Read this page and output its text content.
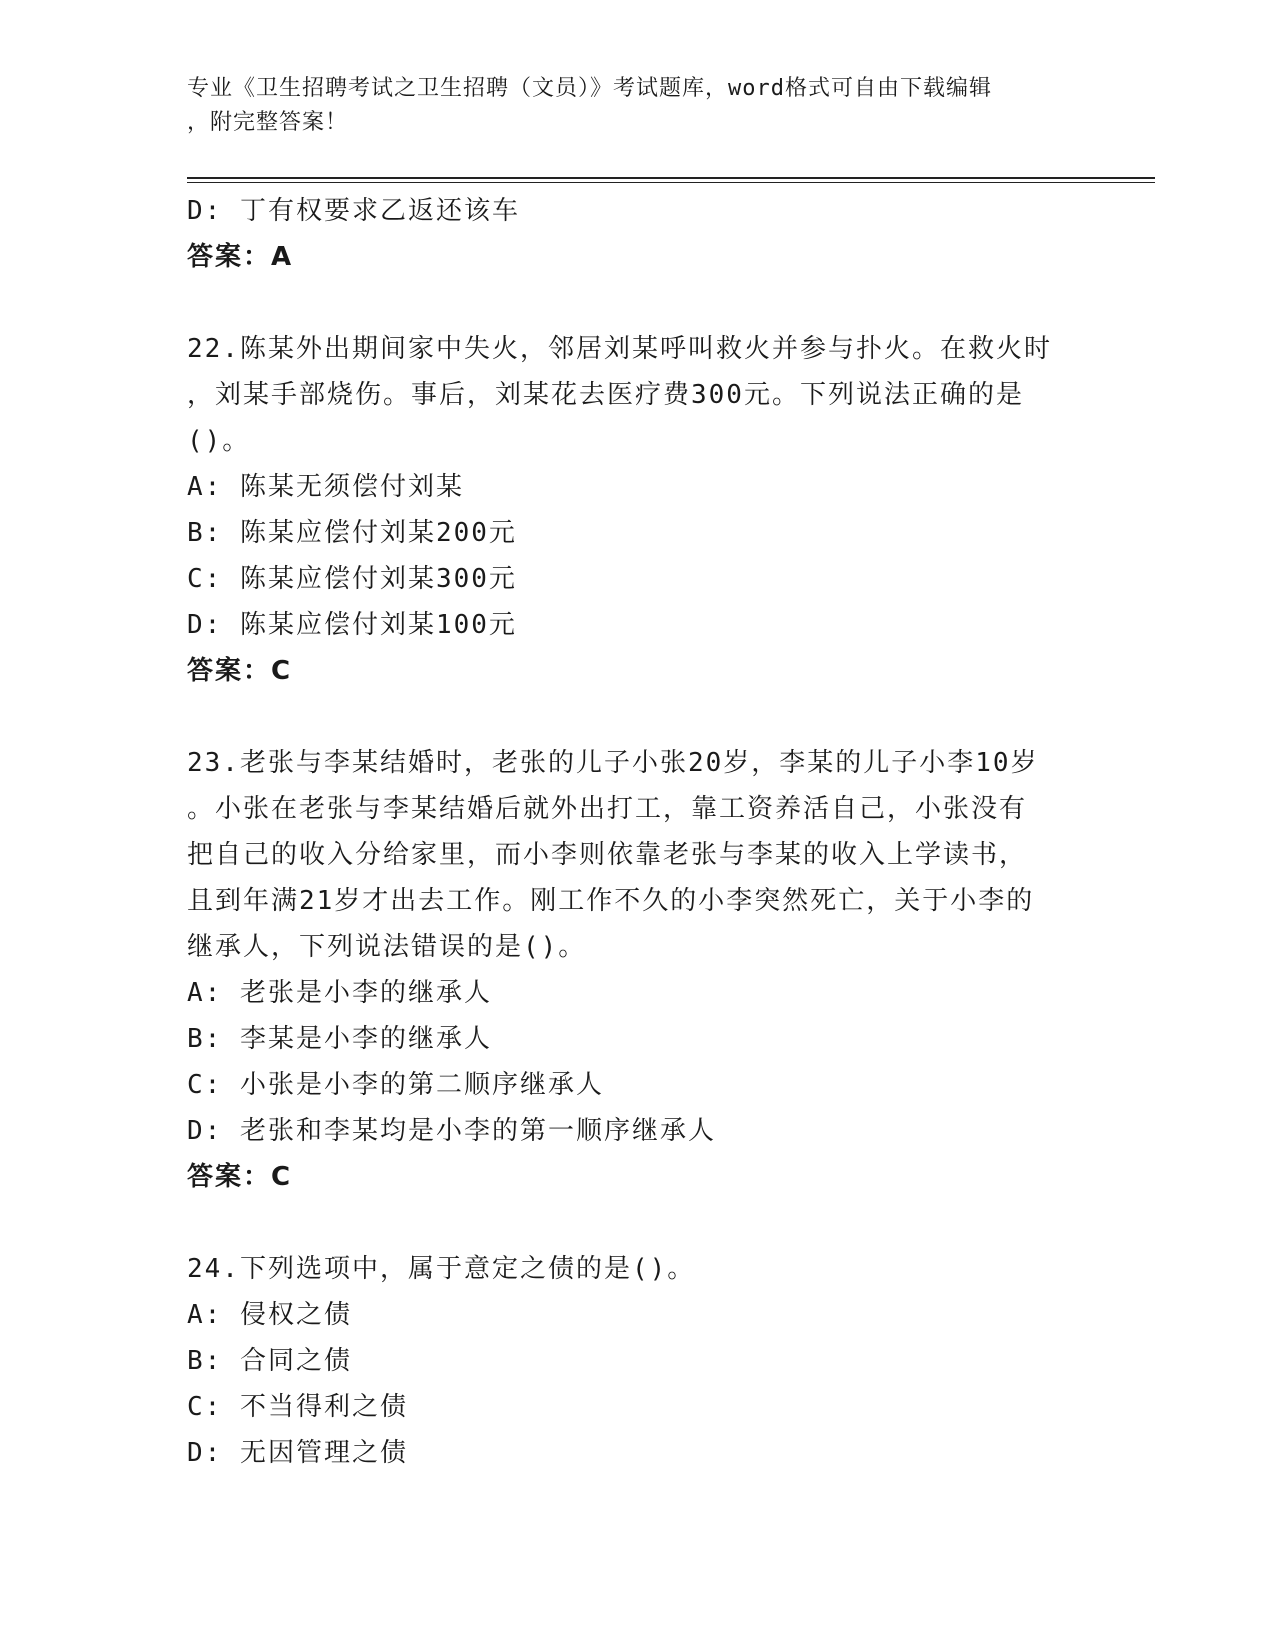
专业《卫生招聘考试之卫生招聘（文员）》考试题库，word格式可自由下载编辑
，附完整答案！
D: 丁有权要求乙返还该车
答案：A
22.陈某外出期间家中失火，邻居刘某呼叫救火并参与扑火。在救火时
，刘某手部烧伤。事后，刘某花去医疗费300元。下列说法正确的是
()。
A: 陈某无须偿付刘某
B: 陈某应偿付刘某200元
C: 陈某应偿付刘某300元
D: 陈某应偿付刘某100元
答案：C
23.老张与李某结婚时，老张的儿子小张20岁，李某的儿子小李10岁
。小张在老张与李某结婚后就外出打工，靠工资养活自己，小张没有
把自己的收入分给家里，而小李则依靠老张与李某的收入上学读书，
且到年满21岁才出去工作。刚工作不久的小李突然死亡，关于小李的
继承人，下列说法错误的是()。
A: 老张是小李的继承人
B: 李某是小李的继承人
C: 小张是小李的第二顺序继承人
D: 老张和李某均是小李的第一顺序继承人
答案：C
24.下列选项中，属于意定之债的是()。
A: 侵权之债
B: 合同之债
C: 不当得利之债
D: 无因管理之债
